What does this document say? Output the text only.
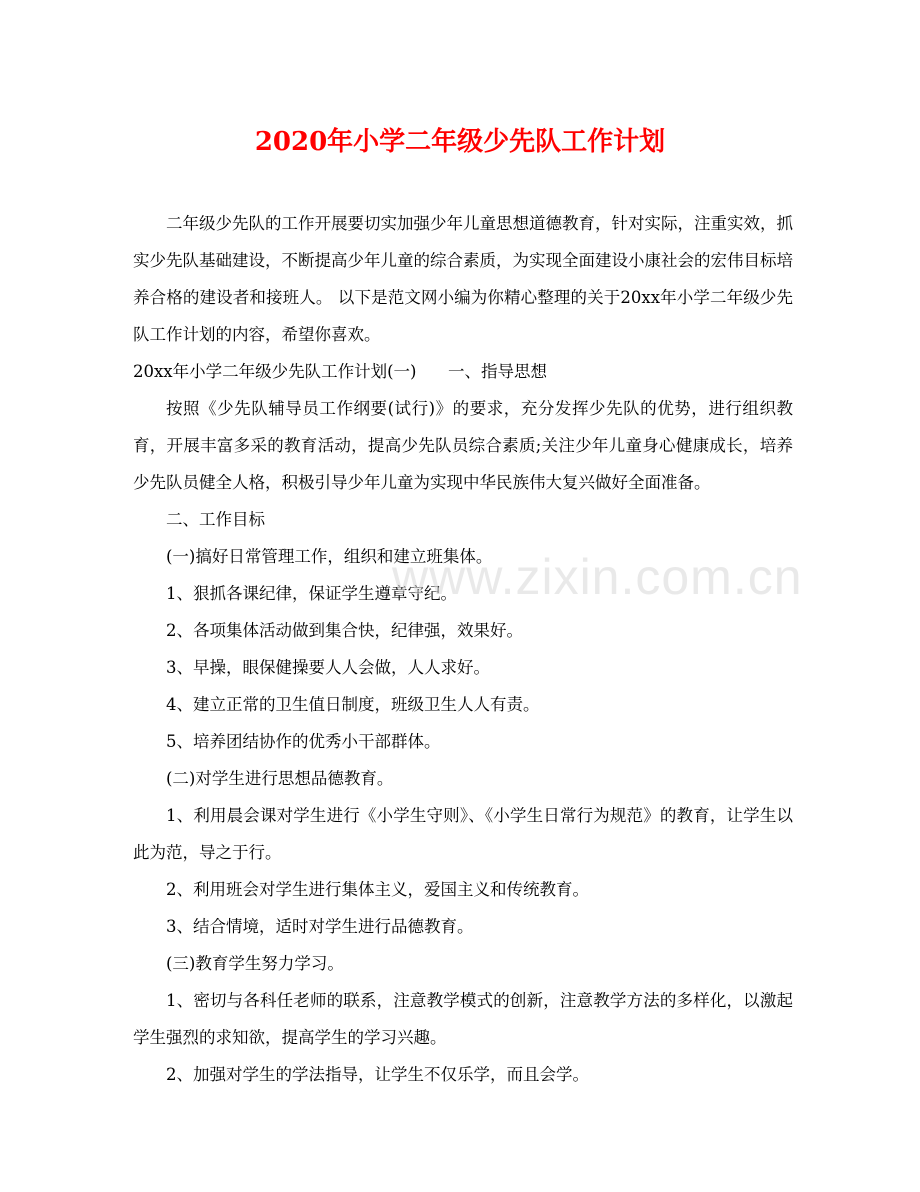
2020年小学二年级少先队工作计划

二年级少先队的工作开展要切实加强少年儿童思想道德教育，针对实际，注重实效，抓实少先队基础建设，不断提高少年儿童的综合素质，为实现全面建设小康社会的宏伟目标培养合格的建设者和接班人。 以下是范文网小编为你精心整理的关于20xx年小学二年级少先队工作计划的内容，希望你喜欢。

20xx年小学二年级少先队工作计划(一)      一、指导思想

按照《少先队辅导员工作纲要(试行)》的要求，充分发挥少先队的优势，进行组织教育，开展丰富多采的教育活动，提高少先队员综合素质;关注少年儿童身心健康成长，培养少先队员健全人格，积极引导少年儿童为实现中华民族伟大复兴做好全面准备。

二、工作目标

(一)搞好日常管理工作，组织和建立班集体。

1、狠抓各课纪律，保证学生遵章守纪。

2、各项集体活动做到集合快，纪律强，效果好。

3、早操，眼保健操要人人会做，人人求好。

4、建立正常的卫生值日制度，班级卫生人人有责。

5、培养团结协作的优秀小干部群体。

(二)对学生进行思想品德教育。

1、利用晨会课对学生进行《小学生守则》、《小学生日常行为规范》的教育，让学生以此为范，导之于行。

2、利用班会对学生进行集体主义，爱国主义和传统教育。

3、结合情境，适时对学生进行品德教育。

(三)教育学生努力学习。

1、密切与各科任老师的联系，注意教学模式的创新，注意教学方法的多样化，以激起学生强烈的求知欲，提高学生的学习兴趣。

2、加强对学生的学法指导，让学生不仅乐学，而且会学。

www.zixin.com.cn
